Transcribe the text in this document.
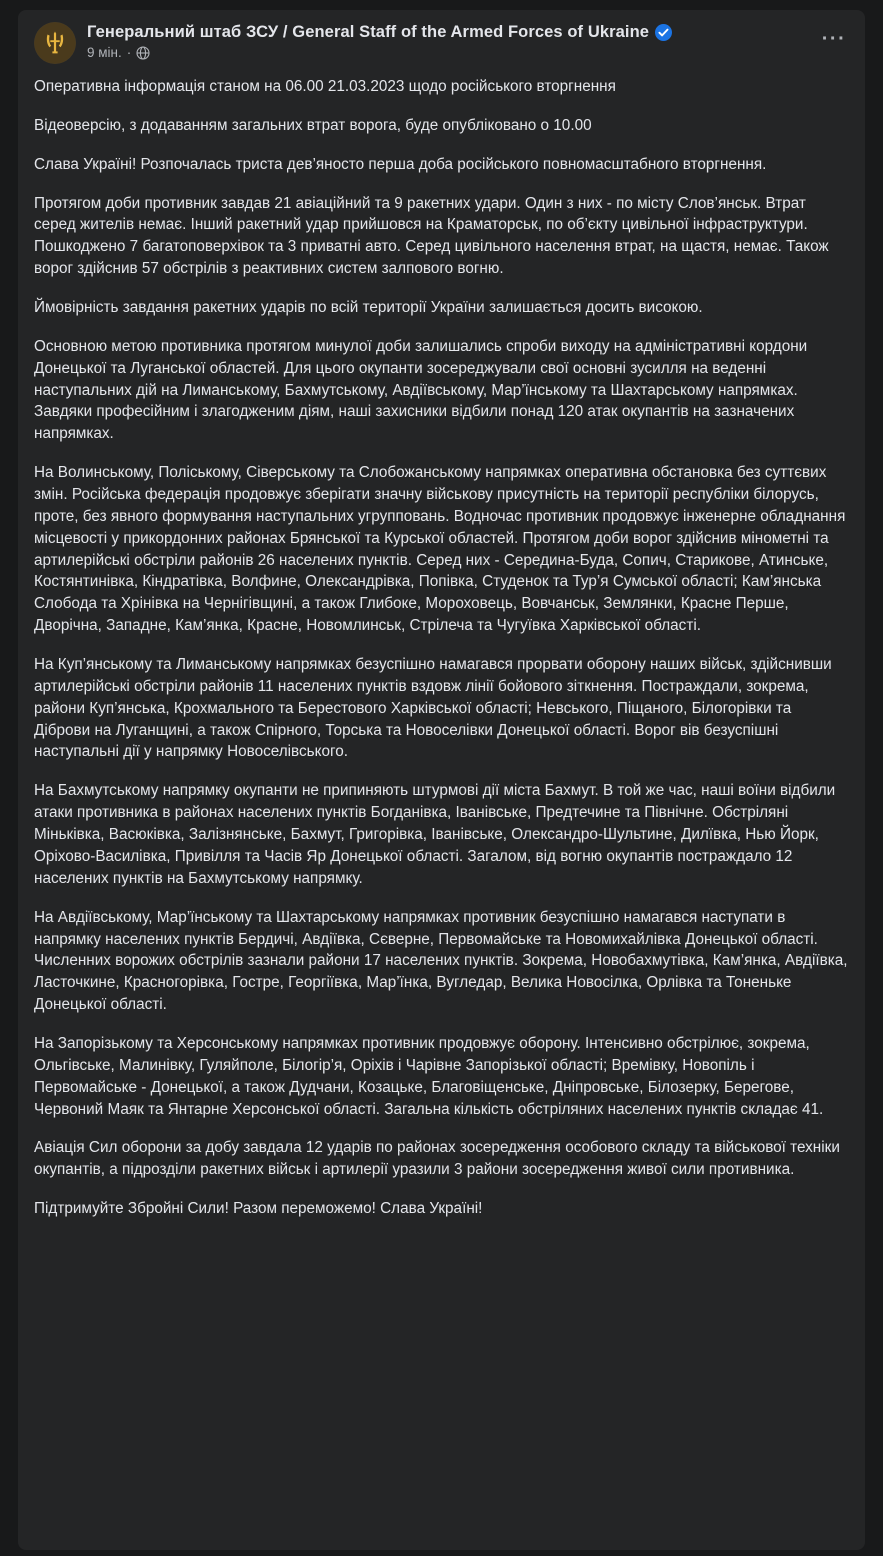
Генеральний штаб ЗСУ / General Staff of the Armed Forces of Ukraine
9 мін. ·
···

Оперативна інформація станом на 06.00 21.03.2023 щодо російського вторгнення

Відеоверсію, з додаванням загальних втрат ворога, буде опубліковано о 10.00

Слава Україні! Розпочалась триста дев’яносто перша доба російського повномасштабного вторгнення.

Протягом доби противник завдав 21 авіаційний та 9 ракетних удари. Один з них - по місту Слов’янськ. Втрат серед жителів немає. Інший ракетний удар прийшовся на Краматорськ, по об’єкту цивільної інфраструктури. Пошкоджено 7 багатоповерхівок та 3 приватні авто. Серед цивільного населення втрат, на щастя, немає. Також ворог здійснив 57 обстрілів з реактивних систем залпового вогню.

Ймовірність завдання ракетних ударів по всій території України залишається досить високою.

Основною метою противника протягом минулої доби залишались спроби виходу на адміністративні кордони Донецької та Луганської областей. Для цього окупанти зосереджували свої основні зусилля на веденні наступальних дій на Лиманському, Бахмутському, Авдіївському, Мар’їнському та Шахтарському напрямках. Завдяки професійним і злагодженим діям, наші захисники відбили понад 120 атак окупантів на зазначених напрямках.

На Волинському, Поліському, Сіверському та Слобожанському напрямках оперативна обстановка без суттєвих змін. Російська федерація продовжує зберігати значну військову присутність на території республіки білорусь, проте, без явного формування наступальних угрупповань. Водночас противник продовжує інженерне обладнання місцевості у прикордонних районах Брянської та Курської областей. Протягом доби ворог здійснив мінометні та артилерійські обстріли районів 26 населених пунктів. Серед них - Середина-Буда, Сопич, Старикове, Атинське, Костянтинівка, Кіндратівка, Волфине, Олександрівка, Попівка, Студенок та Тур’я Сумської області; Кам’янська Слобода та Хрінівка на Чернігівщині, а також Глибоке, Мороховець, Вовчанськ, Землянки, Красне Перше, Дворічна, Западне, Кам’янка, Красне, Новомлинськ, Стрілеча та Чугуївка Харківської області.

На Куп’янському та Лиманському напрямках безуспішно намагався прорвати оборону наших військ, здійснивши артилерійські обстріли районів 11 населених пунктів вздовж лінії бойового зіткнення. Постраждали, зокрема, райони Куп’янська, Крохмального та Берестового Харківської області; Невського, Піщаного, Білогорівки та Діброви на Луганщині, а також Спірного, Торська та Новоселівки Донецької області. Ворог вів безуспішні наступальні дії у напрямку Новоселівського.

На Бахмутському напрямку окупанти не припиняють штурмові дії міста Бахмут. В той же час, наші воїни відбили атаки противника в районах населених пунктів Богданівка, Іванівське, Предтечине та Північне. Обстріляні Міньківка, Васюківка, Залізнянське, Бахмут, Григорівка, Іванівське, Олександро-Шультине, Дилївка, Нью Йорк, Оріхово-Василівка, Привілля та Часів Яр Донецької області. Загалом, від вогню окупантів постраждало 12 населених пунктів на Бахмутському напрямку.

На Авдіївському, Мар’їнському та Шахтарському напрямках противник безуспішно намагався наступати в напрямку населених пунктів Бердичі, Авдіївка, Сєверне, Первомайське та Новомихайлівка Донецької області. Численних ворожих обстрілів зазнали райони 17 населених пунктів. Зокрема, Новобахмутівка, Кам’янка, Авдіївка, Ласточкине, Красногорівка, Гостре, Георгіївка, Мар’їнка, Вугледар, Велика Новосілка, Орлівка та Тоненьке Донецької області.

На Запорізькому та Херсонському напрямках противник продовжує оборону. Інтенсивно обстрілює, зокрема, Ольгівське, Малинівку, Гуляйполе, Білогір’я, Оріхів і Чарівне Запорізької області; Времівку, Новопіль і Первомайське - Донецької, а також Дудчани, Козацьке, Благовіщенське, Дніпровське, Білозерку, Берегове, Червоний Маяк та Янтарне Херсонської області. Загальна кількість обстріляних населених пунктів складає 41.

Авіація Сил оборони за добу завдала 12 ударів по районах зосередження особового складу та військової техніки окупантів, а підрозділи ракетних військ і артилерії уразили 3 райони зосередження живої сили противника.

Підтримуйте Збройні Сили! Разом переможемо! Слава Україні!
